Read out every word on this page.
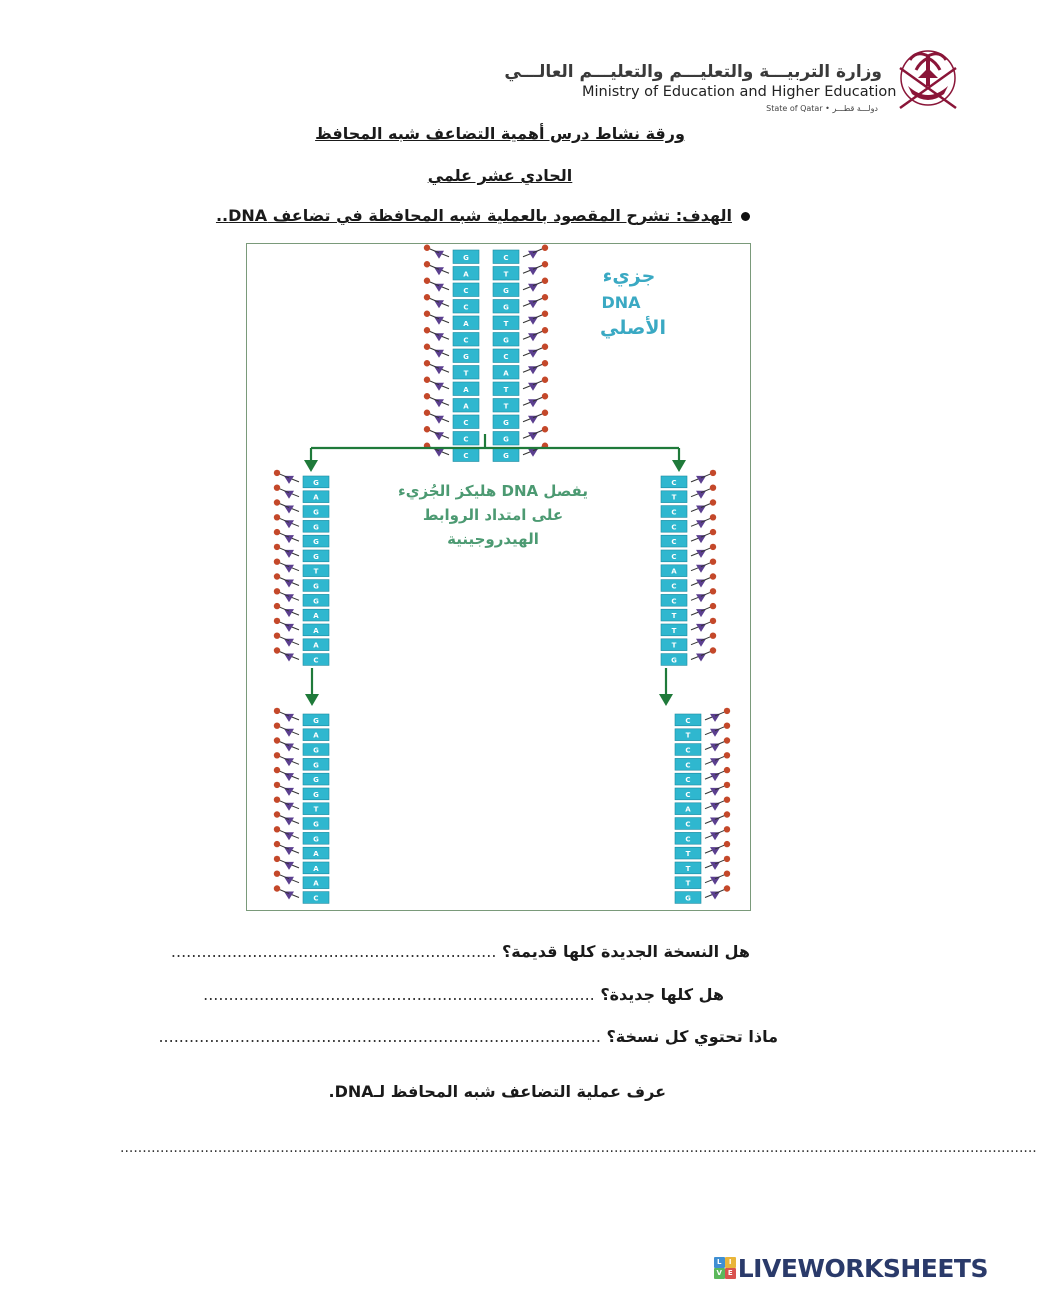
وزارة التربيـــة والتعليـــم والتعليـــم العالـــي
Ministry of Education and Higher Education
State of Qatar • دولـــة قطـــر
ورقة نشاط درس أهمية التضاعف شبه المحافظ
الحادي عشر علمي
الهدف: تشرح المقصود بالعملية شبه المحافظة في تضاعف DNA..
G
A
C
C
A
C
G
T
A
A
C
C
C
C
T
G
G
T
G
C
A
T
T
G
G
G
G
A
G
G
G
G
T
G
G
A
A
A
C
C
T
C
C
C
C
A
C
C
T
T
T
G
G
A
G
G
G
G
T
G
G
A
A
A
C
C
T
C
C
C
C
A
C
C
T
T
T
G
جزيء
DNA
الأصلي
يفصل DNA هليكز الجُزيء
على امتداد الروابط
الهيدروجينية
هل النسخة الجديدة كلها قديمة؟ ................................................................
هل كلها جديدة؟ .............................................................................
ماذا تحتوي كل نسخة؟ .......................................................................................
عرف عملية التضاعف شبه المحافظ لـDNA.
..............................................................................................................................................................................................................
L	I
V E LIVEWORKSHEETS
